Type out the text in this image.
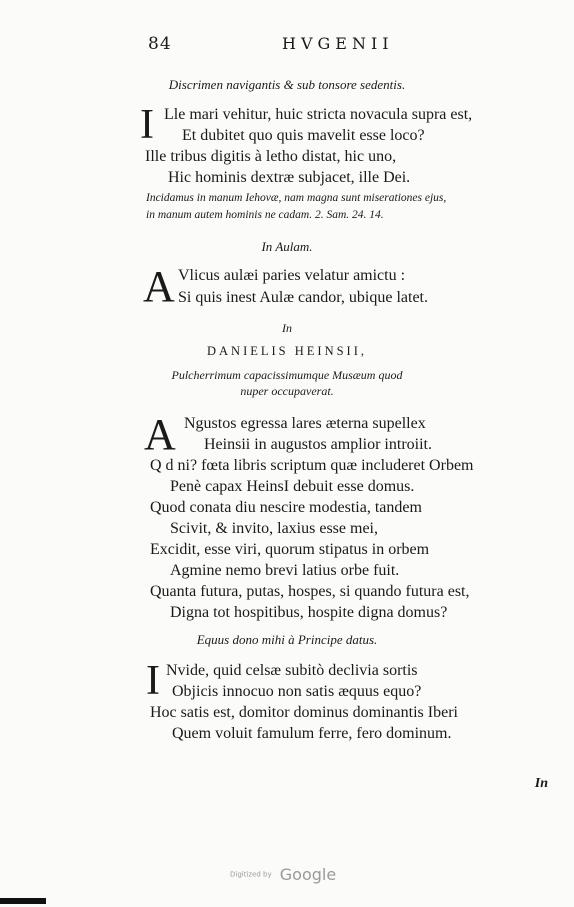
84	HVGENII
Discrimen navigantis & sub tonsore sedentis.
I Lle mari vehitur, huic stricta novacula supra est,
Et dubitet quo quis mavelit esse loco?
Ille tribus digitis à letho distat, hic uno,
Hic hominis dextræ subjacet, ille Dei.
Incidamus in manum Iehovæ, nam magna sunt miserationes ejus,
in manum autem hominis ne cadam. 2. Sam. 24. 14.
In Aulam.
A Vlicus aulæi paries velatur amictu :
Si quis inest Aulæ candor, ubique latet.
In
DANIELIS HEINSII,
Pulcherrimum capacissimumque Musæum quod
nuper occupaverat.
A Ngustos egressa lares æterna supellex
Heinsii in augustos amplior introiit.
Q d ni? fœta libris scriptum quæ includeret Orbem
Penè capax HeinsI debuit esse domus.
Quod conata diu nescire modestia, tandem
Scivit, & invito, laxius esse mei,
Excidit, esse viri, quorum stipatus in orbem
Agmine nemo brevi latius orbe fuit.
Quanta futura, putas, hospes, si quando futura est,
Digna tot hospitibus, hospite digna domus?
Equus dono mihi à Principe datus.
I Nvide, quid celsæ subitò declivia sortis
Objicis innocuo non satis æquus equo?
Hoc satis est, domitor dominus dominantis Iberi
Quem voluit famulum ferre, fero dominum.
In
Digitized by Google
